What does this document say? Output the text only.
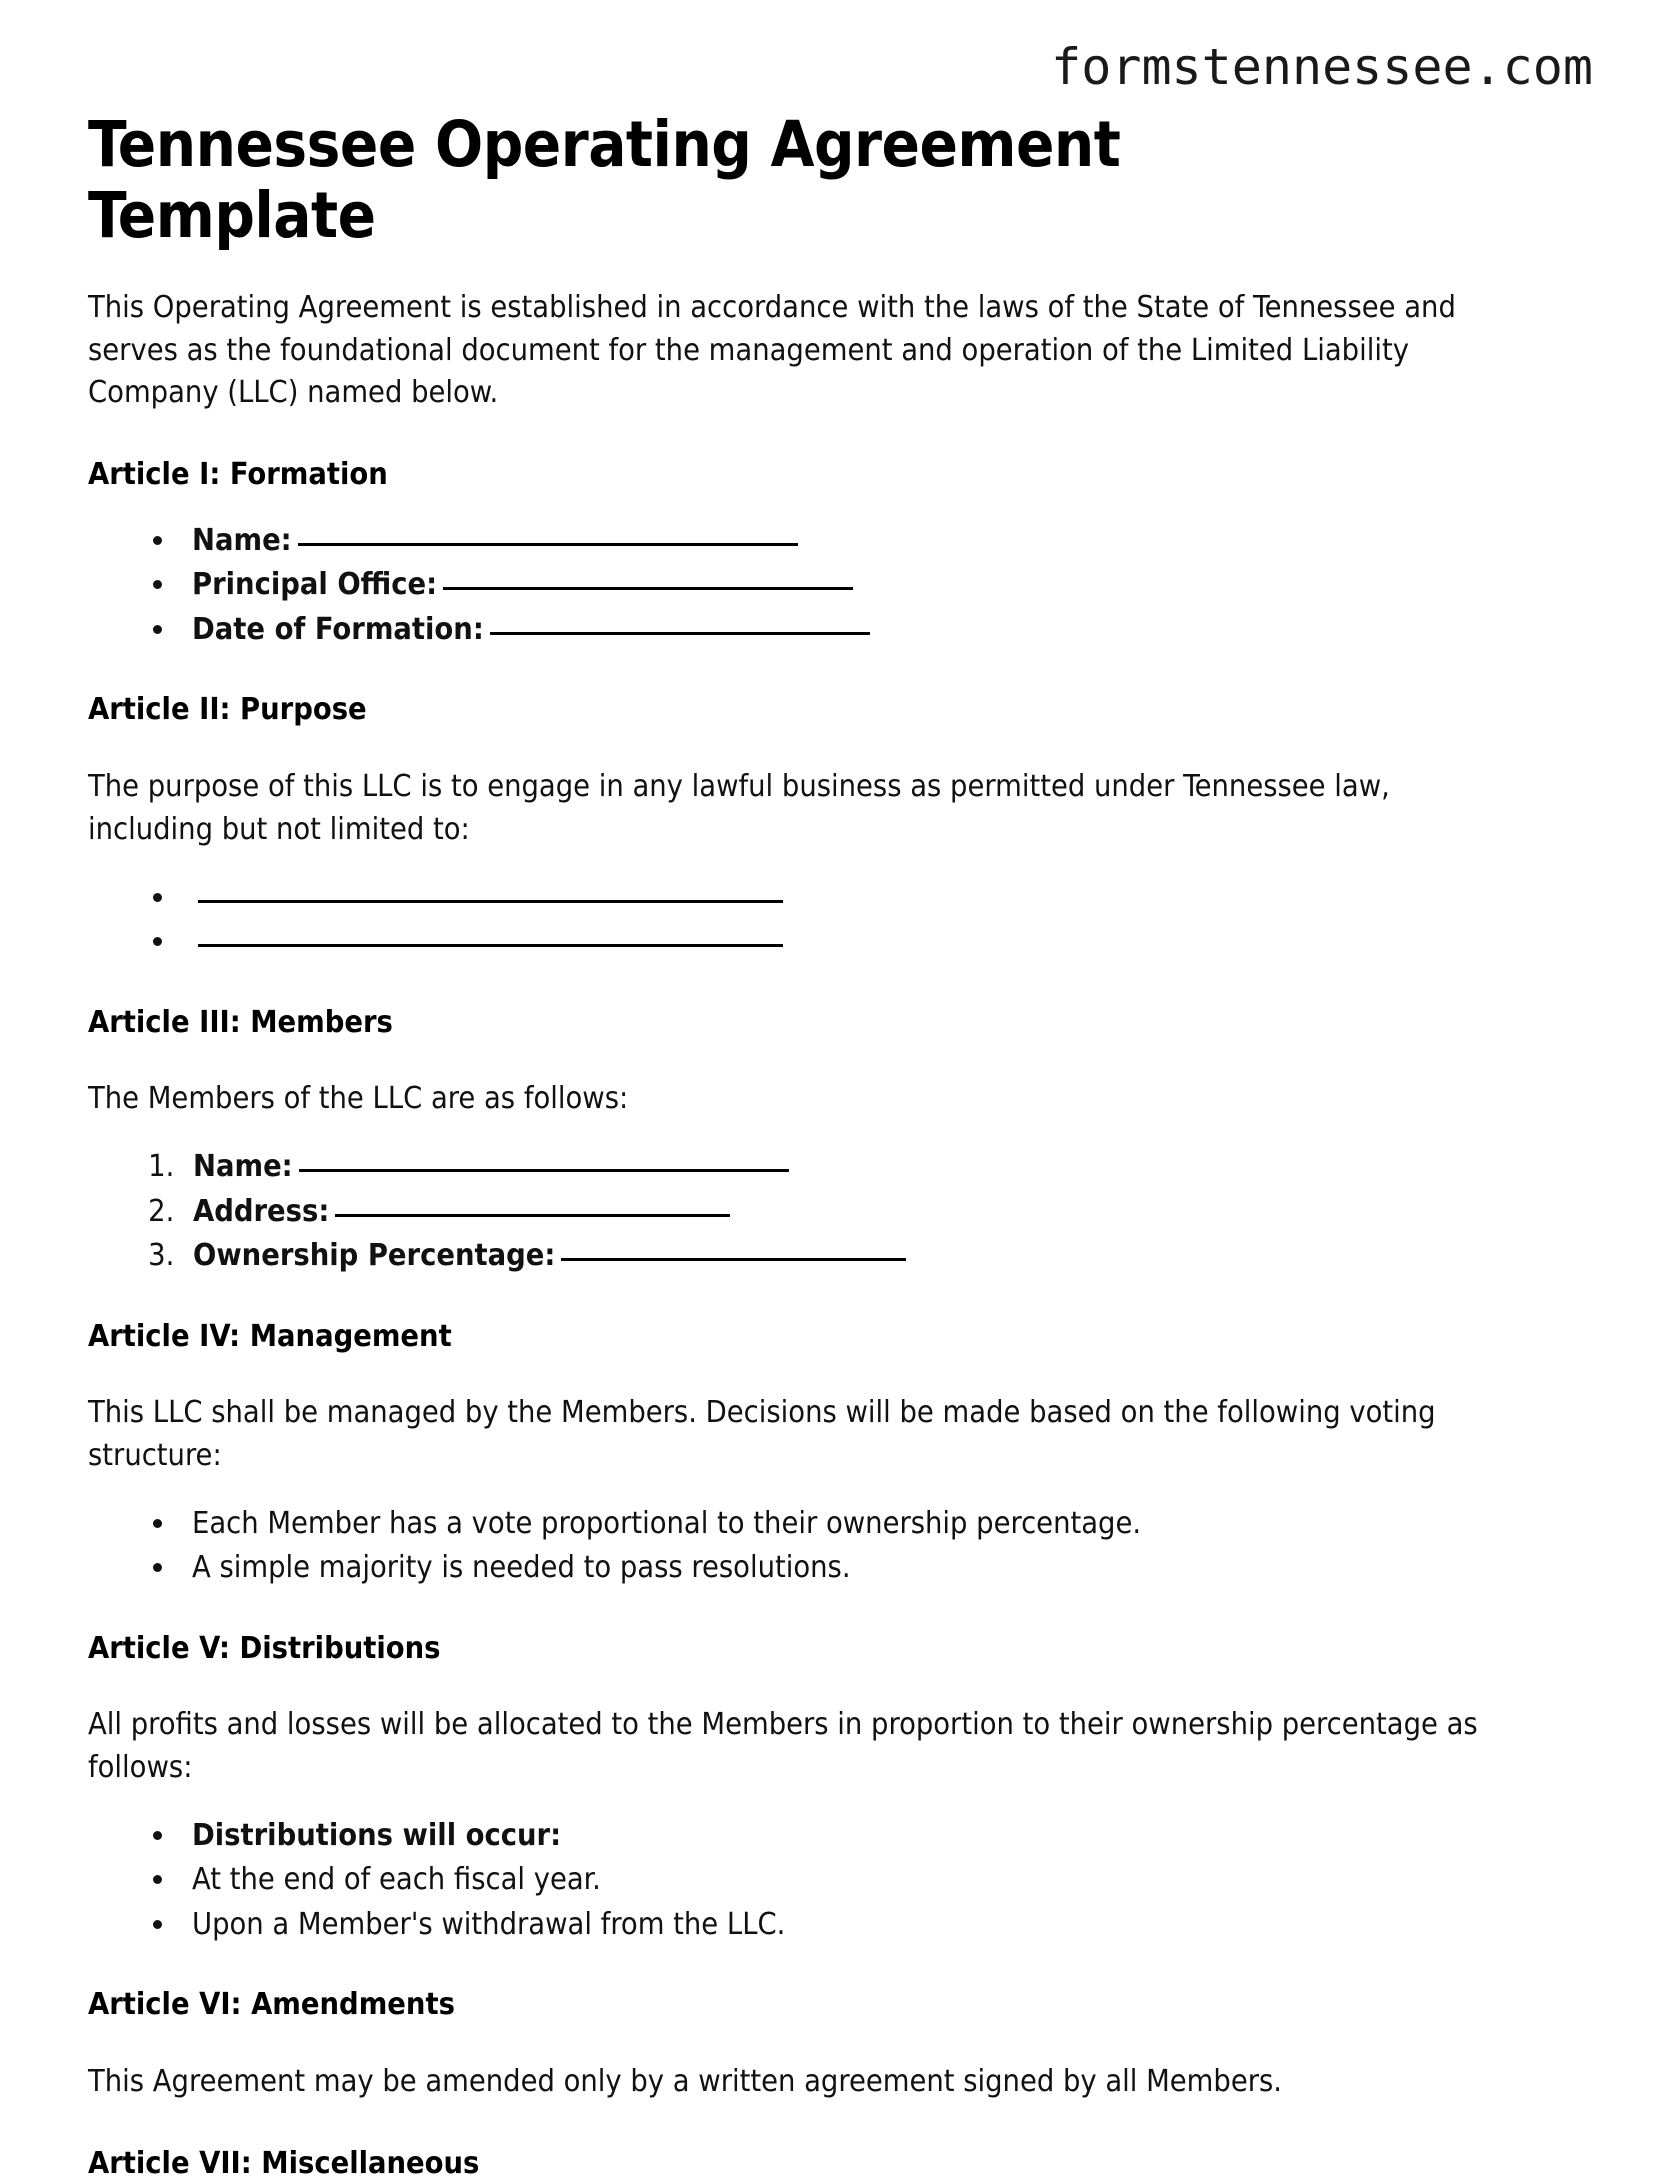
formstennessee.com
Tennessee Operating Agreement Template

This Operating Agreement is established in accordance with the laws of the State of Tennessee and serves as the foundational document for the management and operation of the Limited Liability Company (LLC) named below.

Article I: Formation
• Name:
• Principal Office:
• Date of Formation:
Article II: Purpose

The purpose of this LLC is to engage in any lawful business as permitted under Tennessee law, including but not limited to:

•
•
Article III: Members

The Members of the LLC are as follows:

1. Name:
2. Address:
3. Ownership Percentage:
Article IV: Management

This LLC shall be managed by the Members. Decisions will be made based on the following voting structure:

• Each Member has a vote proportional to their ownership percentage.
• A simple majority is needed to pass resolutions.
Article V: Distributions

All profits and losses will be allocated to the Members in proportion to their ownership percentage as follows:

• Distributions will occur:
• At the end of each fiscal year.
• Upon a Member's withdrawal from the LLC.
Article VI: Amendments

This Agreement may be amended only by a written agreement signed by all Members.

Article VII: Miscellaneous
